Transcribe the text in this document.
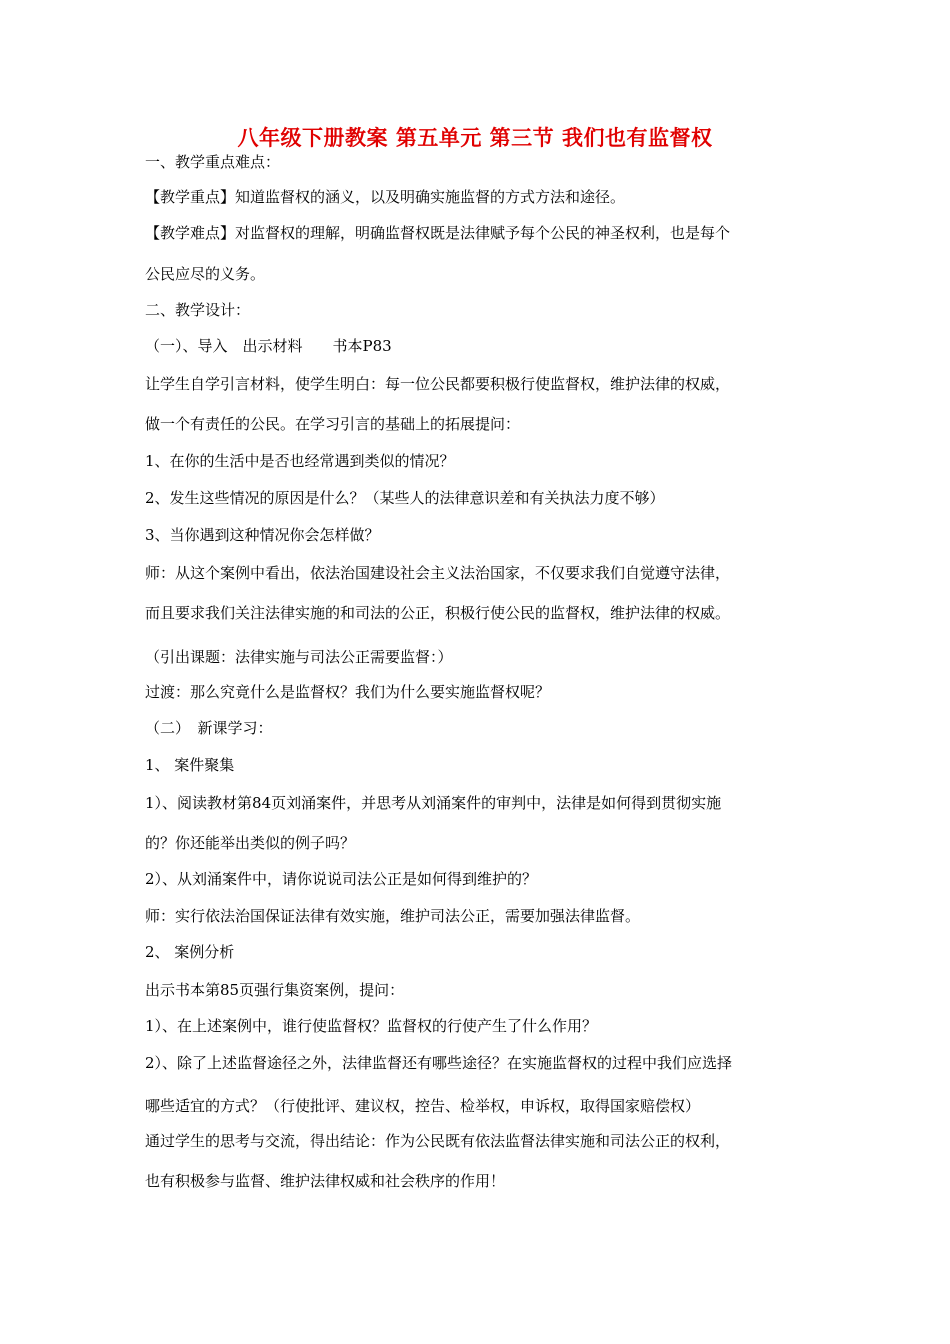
八年级下册教案 第五单元 第三节 我们也有监督权
一、教学重点难点：
【教学重点】知道监督权的涵义，以及明确实施监督的方式方法和途径。
【教学难点】对监督权的理解，明确监督权既是法律赋予每个公民的神圣权利，也是每个
公民应尽的义务。
二、教学设计：
（一）、导入　出示材料　　书本P83
让学生自学引言材料，使学生明白：每一位公民都要积极行使监督权，维护法律的权威，
做一个有责任的公民。在学习引言的基础上的拓展提问：
1、在你的生活中是否也经常遇到类似的情况？
2、发生这些情况的原因是什么？（某些人的法律意识差和有关执法力度不够）
3、当你遇到这种情况你会怎样做？
师：从这个案例中看出，依法治国建设社会主义法治国家，不仅要求我们自觉遵守法律，
而且要求我们关注法律实施的和司法的公正，积极行使公民的监督权，维护法律的权威。
（引出课题：法律实施与司法公正需要监督：）
过渡：那么究竟什么是监督权？我们为什么要实施监督权呢？
（二）　新课学习：
1、 案件聚集
1）、阅读教材第84页刘涌案件，并思考从刘涌案件的审判中，法律是如何得到贯彻实施
的？你还能举出类似的例子吗？
2）、从刘涌案件中，请你说说司法公正是如何得到维护的？
师：实行依法治国保证法律有效实施，维护司法公正，需要加强法律监督。
2、 案例分析
出示书本第85页强行集资案例，提问：
1）、在上述案例中，谁行使监督权？监督权的行使产生了什么作用？
2）、除了上述监督途径之外，法律监督还有哪些途径？在实施监督权的过程中我们应选择
哪些适宜的方式？（行使批评、建议权，控告、检举权，申诉权，取得国家赔偿权）
通过学生的思考与交流，得出结论：作为公民既有依法监督法律实施和司法公正的权利，
也有积极参与监督、维护法律权威和社会秩序的作用！
